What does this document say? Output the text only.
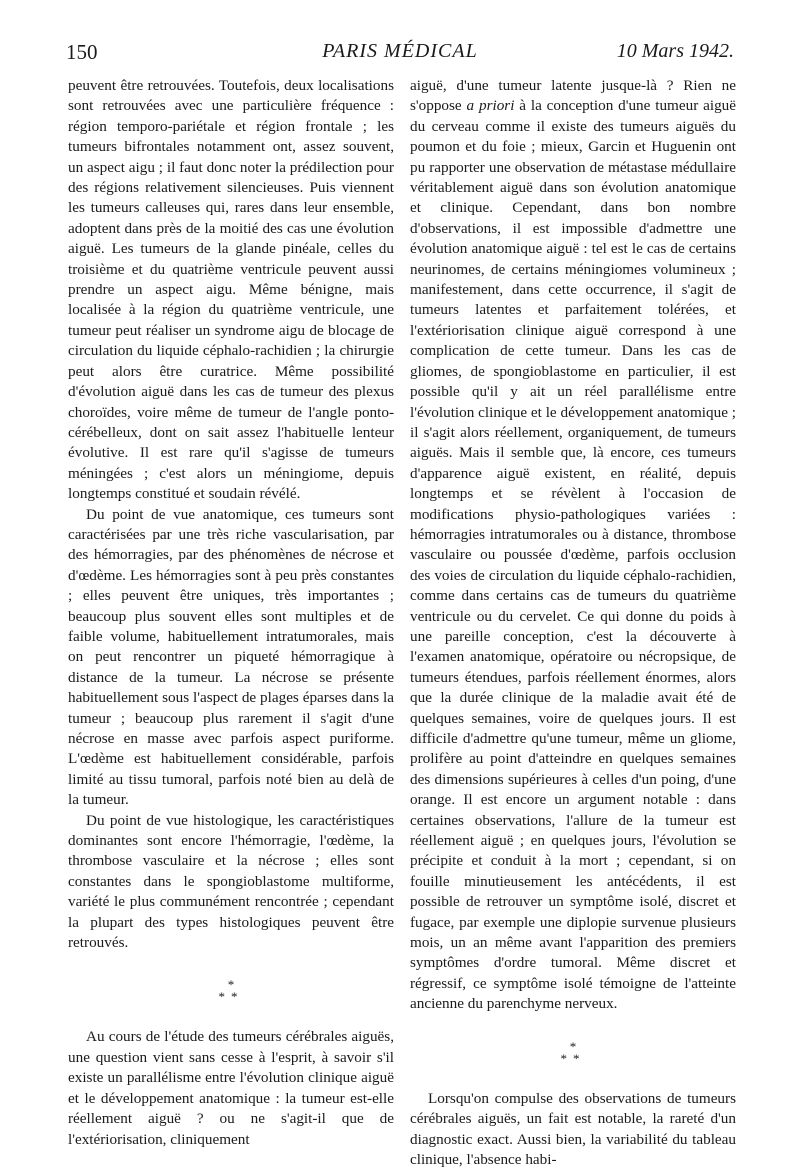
150	PARIS MÉDICAL	10 Mars 1942.

peuvent être retrouvées. Toutefois, deux localisations sont retrouvées avec une particulière fréquence : région temporo-pariétale et région frontale ; les tumeurs bifrontales notamment ont, assez souvent, un aspect aigu ; il faut donc noter la prédilection pour des régions relativement silencieuses. Puis viennent les tumeurs calleuses qui, rares dans leur ensemble, adoptent dans près de la moitié des cas une évolution aiguë. Les tumeurs de la glande pinéale, celles du troisième et du quatrième ventricule peuvent aussi prendre un aspect aigu. Même bénigne, mais localisée à la région du quatrième ventricule, une tumeur peut réaliser un syndrome aigu de blocage de circulation du liquide céphalo-rachidien ; la chirurgie peut alors être curatrice. Même possibilité d'évolution aiguë dans les cas de tumeur des plexus choroïdes, voire même de tumeur de l'angle ponto-cérébelleux, dont on sait assez l'habituelle lenteur évolutive. Il est rare qu'il s'agisse de tumeurs méningées ; c'est alors un méningiome, depuis longtemps constitué et soudain révélé.

Du point de vue anatomique, ces tumeurs sont caractérisées par une très riche vascularisation, par des hémorragies, par des phénomènes de nécrose et d'œdème. Les hémorragies sont à peu près constantes ; elles peuvent être uniques, très importantes ; beaucoup plus souvent elles sont multiples et de faible volume, habituellement intratumorales, mais on peut rencontrer un piqueté hémorragique à distance de la tumeur. La nécrose se présente habituellement sous l'aspect de plages éparses dans la tumeur ; beaucoup plus rarement il s'agit d'une nécrose en masse avec parfois aspect puriforme. L'œdème est habituellement considérable, parfois limité au tissu tumoral, parfois noté bien au delà de la tumeur.

Du point de vue histologique, les caractéristiques dominantes sont encore l'hémorragie, l'œdème, la thrombose vasculaire et la nécrose ; elles sont constantes dans le spongioblastome multiforme, variété le plus communément rencontrée ; cependant la plupart des types histologiques peuvent être retrouvés.

*
**

Au cours de l'étude des tumeurs cérébrales aiguës, une question vient sans cesse à l'esprit, à savoir s'il existe un parallélisme entre l'évolution clinique aiguë et le développement anatomique : la tumeur est-elle réellement aiguë ? ou ne s'agit-il que de l'extériorisation, cliniquement

aiguë, d'une tumeur latente jusque-là ? Rien ne s'oppose a priori à la conception d'une tumeur aiguë du cerveau comme il existe des tumeurs aiguës du poumon et du foie ; mieux, Garcin et Huguenin ont pu rapporter une observation de métastase médullaire véritablement aiguë dans son évolution anatomique et clinique. Cependant, dans bon nombre d'observations, il est impossible d'admettre une évolution anatomique aiguë : tel est le cas de certains neurinomes, de certains méningiomes volumineux ; manifestement, dans cette occurrence, il s'agit de tumeurs latentes et parfaitement tolérées, et l'extériorisation clinique aiguë correspond à une complication de cette tumeur. Dans les cas de gliomes, de spongioblastome en particulier, il est possible qu'il y ait un réel parallélisme entre l'évolution clinique et le développement anatomique ; il s'agit alors réellement, organiquement, de tumeurs aiguës. Mais il semble que, là encore, ces tumeurs d'apparence aiguë existent, en réalité, depuis longtemps et se révèlent à l'occasion de modifications physio-pathologiques variées : hémorragies intratumorales ou à distance, thrombose vasculaire ou poussée d'œdème, parfois occlusion des voies de circulation du liquide céphalo-rachidien, comme dans certains cas de tumeurs du quatrième ventricule ou du cervelet. Ce qui donne du poids à une pareille conception, c'est la découverte à l'examen anatomique, opératoire ou nécropsique, de tumeurs étendues, parfois réellement énormes, alors que la durée clinique de la maladie avait été de quelques semaines, voire de quelques jours. Il est difficile d'admettre qu'une tumeur, même un gliome, prolifère au point d'atteindre en quelques semaines des dimensions supérieures à celles d'un poing, d'une orange. Il est encore un argument notable : dans certaines observations, l'allure de la tumeur est réellement aiguë ; en quelques jours, l'évolution se précipite et conduit à la mort ; cependant, si on fouille minutieusement les antécédents, il est possible de retrouver un symptôme isolé, discret et fugace, par exemple une diplopie survenue plusieurs mois, un an même avant l'apparition des premiers symptômes d'ordre tumoral. Même discret et régressif, ce symptôme isolé témoigne de l'atteinte ancienne du parenchyme nerveux.

*
**

Lorsqu'on compulse des observations de tumeurs cérébrales aiguës, un fait est notable, la rareté d'un diagnostic exact. Aussi bien, la variabilité du tableau clinique, l'absence habi-
